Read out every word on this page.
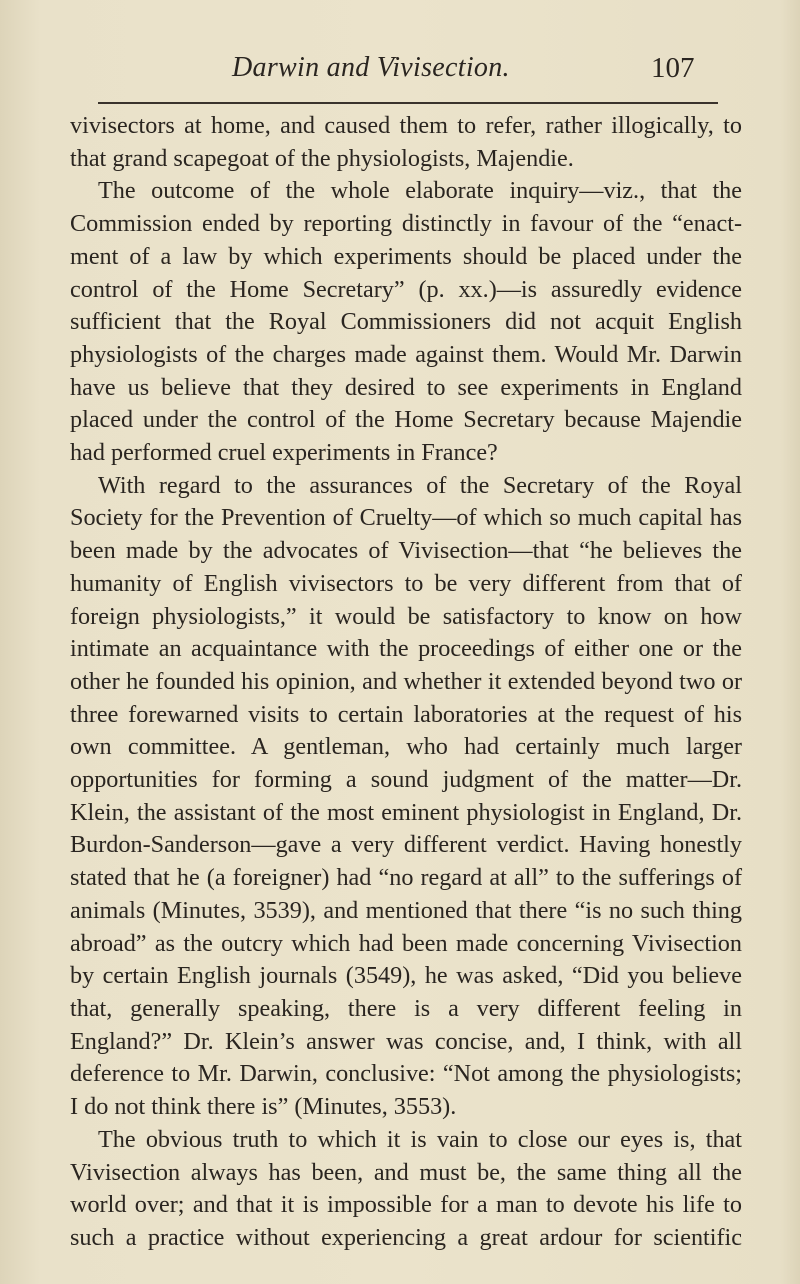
Darwin and Vivisection.	107

vivisectors at home, and caused them to refer, rather illogically, to that grand scapegoat of the physiologists, Majendie.

The outcome of the whole elaborate inquiry—viz., that the Commission ended by reporting distinctly in favour of the “enact-ment of a law by which experiments should be placed under the control of the Home Secretary” (p. xx.)—is assuredly evidence sufficient that the Royal Commissioners did not acquit English physiologists of the charges made against them. Would Mr. Darwin have us believe that they desired to see experiments in England placed under the control of the Home Secretary because Majendie had performed cruel experiments in France?

With regard to the assurances of the Secretary of the Royal Society for the Prevention of Cruelty—of which so much capital has been made by the advocates of Vivisection—that “he believes the humanity of English vivisectors to be very different from that of foreign physiologists,” it would be satisfactory to know on how intimate an acquaintance with the proceedings of either one or the other he founded his opinion, and whether it extended beyond two or three forewarned visits to certain laboratories at the request of his own committee. A gentleman, who had certainly much larger opportunities for forming a sound judgment of the matter—Dr. Klein, the assistant of the most eminent physiologist in England, Dr. Burdon-Sanderson—gave a very different verdict. Having honestly stated that he (a foreigner) had “no regard at all” to the sufferings of animals (Minutes, 3539), and mentioned that there “is no such thing abroad” as the outcry which had been made concerning Vivisection by certain English journals (3549), he was asked, “Did you believe that, generally speaking, there is a very different feeling in England?” Dr. Klein’s answer was concise, and, I think, with all deference to Mr. Darwin, conclusive: “Not among the physiologists; I do not think there is” (Minutes, 3553).

The obvious truth to which it is vain to close our eyes is, that Vivisection always has been, and must be, the same thing all the world over; and that it is impossible for a man to devote his life to such a practice without experiencing a great ardour for scientific
